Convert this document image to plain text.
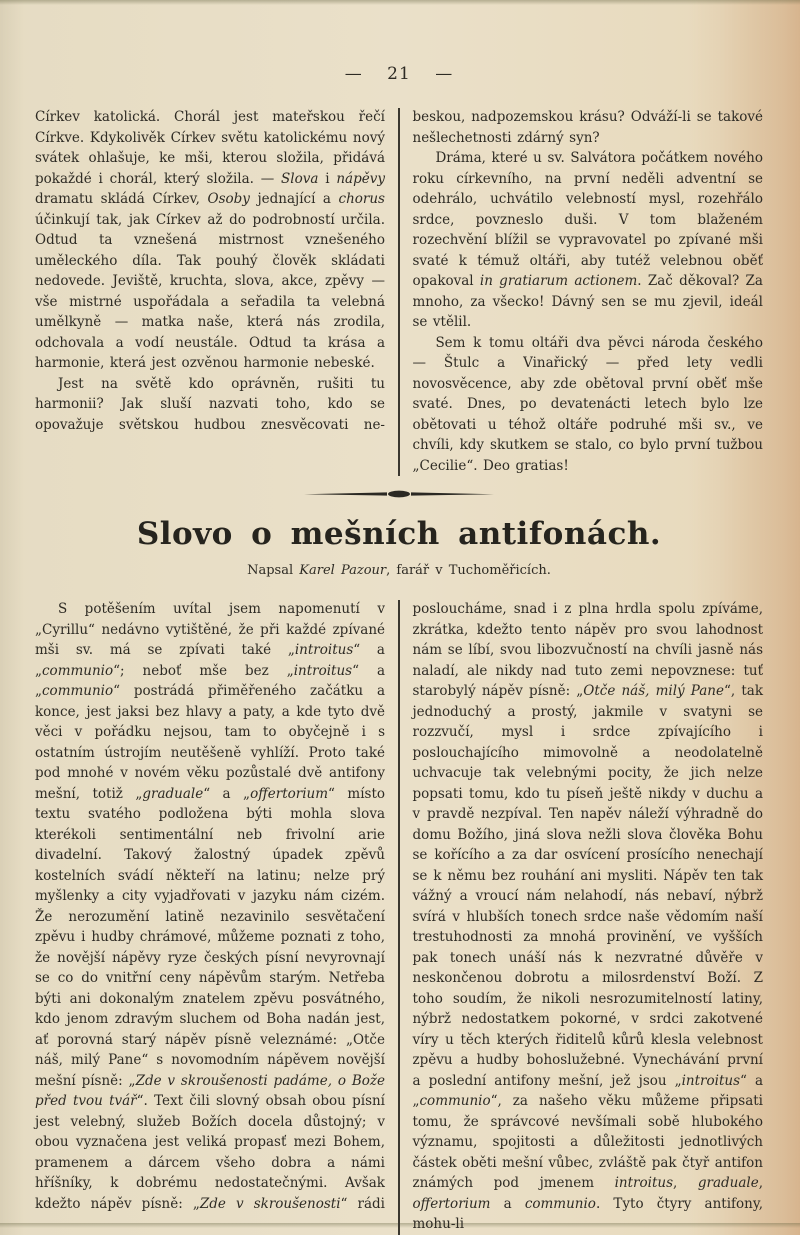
— 21 —

Církev katolická. Chorál jest mateřskou řečí Církve. Kdykolivěk Církev světu katolickému nový svátek ohlašuje, ke mši, kterou složila, přidává pokaždé i chorál, který složila. — Slova i nápěvy dramatu skládá Církev, Osoby jednající a chorus účinkují tak, jak Církev až do podrobností určila. Odtud ta vznešená mistrnost vznešeného uměleckého díla. Tak pouhý člověk skládati nedovede. Jeviště, kruchta, slova, akce, zpěvy — vše mistrné uspořádala a seřadila ta velebná umělkyně — matka naše, která nás zrodila, odchovala a vodí neustále. Odtud ta krása a harmonie, která jest ozvěnou harmonie nebeské.

Jest na světě kdo oprávněn, rušiti tu harmonii? Jak sluší nazvati toho, kdo se opovažuje světskou hudbou znesvěcovati ne-

beskou, nadpozemskou krásu? Odváží-li se takové nešlechetnosti zdárný syn?

Dráma, které u sv. Salvátora počátkem nového roku církevního, na první neděli adventní se odehrálo, uchvátilo velebností mysl, rozehřálo srdce, povzneslo duši. V tom blaženém rozechvění blížil se vypravovatel po zpívané mši svaté k témuž oltáři, aby tutéž velebnou oběť opakoval in gratiarum actionem. Zač děkoval? Za mnoho, za všecko! Dávný sen se mu zjevil, ideál se vtělil.

Sem k tomu oltáři dva pěvci národa českého — Štulc a Vinařický — před lety vedli novosvěcence, aby zde obětoval první oběť mše svaté. Dnes, po devatenácti letech bylo lze obětovati u téhož oltáře podruhé mši sv., ve chvíli, kdy skutkem se stalo, co bylo první tužbou „Cecilie“. Deo gratias!

Slovo o mešních antifonách.
Napsal Karel Pazour, farář v Tuchoměřicích.

S potěšením uvítal jsem napomenutí v „Cyrillu“ nedávno vytištěné, že při každé zpívané mši sv. má se zpívati také „introitus“ a „communio“; neboť mše bez „introitus“ a „communio“ postrádá přiměřeného začátku a konce, jest jaksi bez hlavy a paty, a kde tyto dvě věci v pořádku nejsou, tam to obyčejně i s ostatním ústrojím neutěšeně vyhlíží. Proto také pod mnohé v novém věku pozůstalé dvě antifony mešní, totiž „graduale“ a „offertorium“ místo textu svatého podložena býti mohla slova kterékoli sentimentální neb frivolní arie divadelní. Takový žalostný úpadek zpěvů kostelních svádí někteří na latinu; nelze prý myšlenky a city vyjadřovati v jazyku nám cizém. Že nerozumění latině nezavinilo sesvětačení zpěvu i hudby chrámové, můžeme poznati z toho, že novější nápěvy ryze českých písní nevyrovnají se co do vnitřní ceny nápěvům starým. Netřeba býti ani dokonalým znatelem zpěvu posvátného, kdo jenom zdravým sluchem od Boha nadán jest, ať porovná starý nápěv písně veleznámé: „Otče náš, milý Pane“ s novomodním nápěvem novější mešní písně: „Zde v skroušenosti padáme, o Bože před tvou tvář“. Text čili slovný obsah obou písní jest velebný, služeb Božích docela důstojný; v obou vyznačena jest veliká propasť mezi Bohem, pramenem a dárcem všeho dobra a námi hříšníky, k dobrému nedostatečnými. Avšak kdežto nápěv písně: „Zde v skroušenosti“ rádi

posloucháme, snad i z plna hrdla spolu zpíváme, zkrátka, kdežto tento nápěv pro svou lahodnost nám se líbí, svou libozvučností na chvíli jasně nás naladí, ale nikdy nad tuto zemi nepovznese: tuť starobylý nápěv písně: „Otče náš, milý Pane“, tak jednoduchý a prostý, jakmile v svatyni se rozzvučí, mysl i srdce zpívajícího i poslouchajícího mimovolně a neodolatelně uchvacuje tak velebnými pocity, že jich nelze popsati tomu, kdo tu píseň ještě nikdy v duchu a v pravdě nezpíval. Ten napěv náleží výhradně do domu Božího, jiná slova nežli slova člověka Bohu se kořícího a za dar osvícení prosícího nenechají se k němu bez rouhání ani mysliti. Nápěv ten tak vážný a vroucí nám nelahodí, nás nebaví, nýbrž svírá v hlubších tonech srdce naše vědomím naší trestuhodnosti za mnohá provinění, ve vyšších pak tonech unáší nás k nezvratné důvěře v neskončenou dobrotu a milosrdenství Boží. Z toho soudím, že nikoli nesrozumitelností latiny, nýbrž nedostatkem pokorné, v srdci zakotvené víry u těch kterých řiditelů kůrů klesla velebnost zpěvu a hudby bohoslužebné. Vynechávání první a poslední antifony mešní, jež jsou „introitus“ a „communio“, za našeho věku můžeme připsati tomu, že správcové nevšímali sobě hlubokého významu, spojitosti a důležitosti jednotlivých částek oběti mešní vůbec, zvláště pak čtyř antifon známých pod jmenem introitus, graduale, offertorium a communio. Tyto čtyry antifony, mohu-li
